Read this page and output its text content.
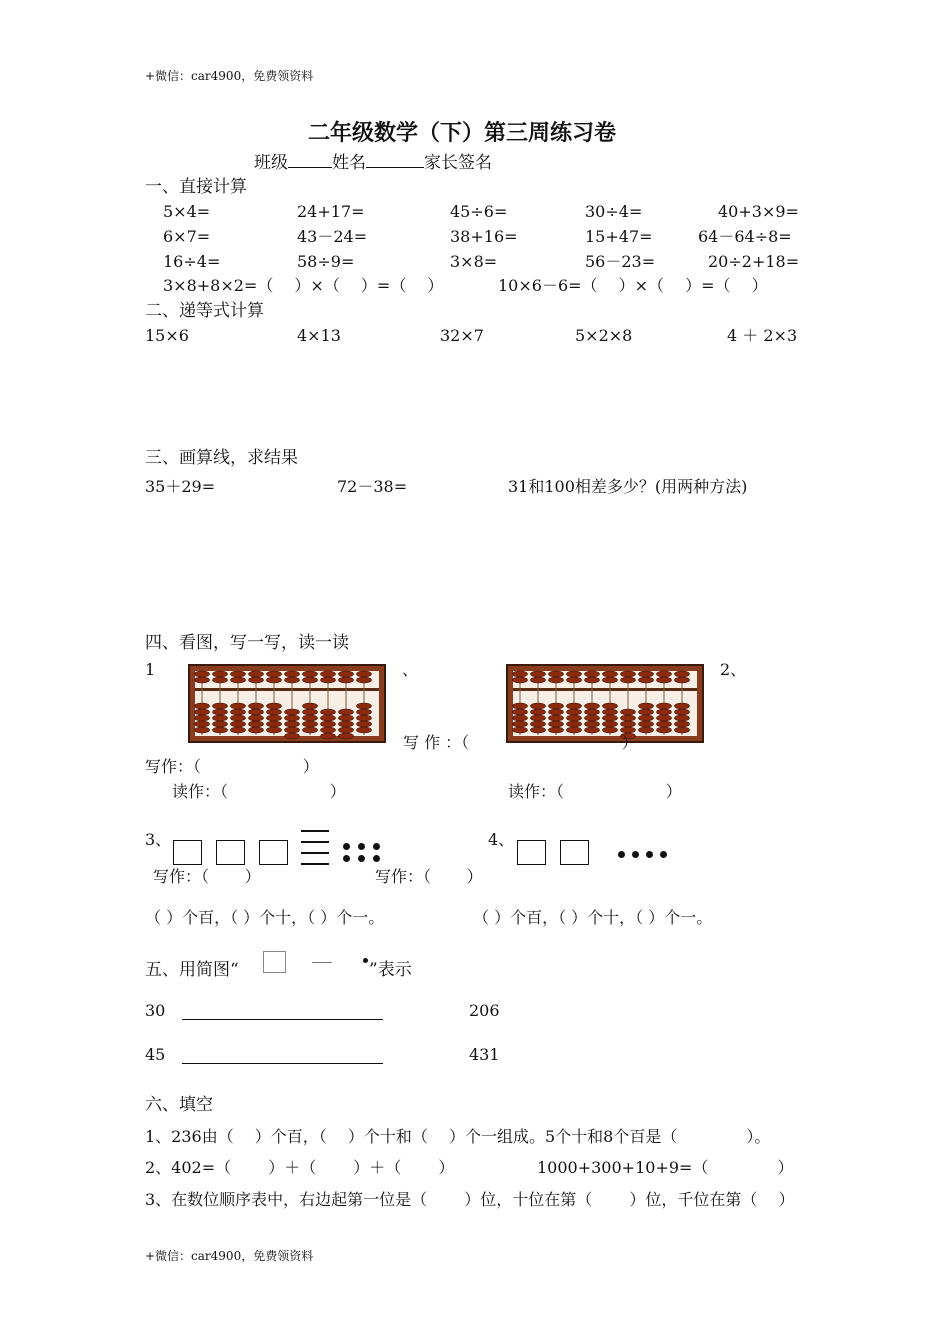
+微信：car4900，免费领资料
+微信：car4900，免费领资料
二年级数学（下）第三周练习卷
班级	姓名	家长签名
一、直接计算
5×4=	24+17=	45÷6=	30÷4=	40+3×9=
6×7=	43－24=	38+16=	15+47=	64－64÷8=
16÷4=	58÷9=	3×8=	56－23=	20÷2+18=
3×8+8×2=（　 ）×（　 ）=（　 ）	10×6－6=（　 ）×（　 ）=（　 ）
二、递等式计算
15×6	4×13	32×7	5×2×8	4 ＋ 2×3
三、画算线，求结果
35＋29=	72－38=	31和100相差多少？(用两种方法)
四、看图，写一写，读一读
1	、	2、
写 作 ：（                              ）
写作：（                    ）
读作：（                    ）	读作：（                    ）
3、	4、
写作：（       ）	写作：（       ）
（ ）个百，（ ）个十，（ ）个一。	（ ）个百，（ ）个十，（ ）个一。
五、用简图“	”表示
30	206
45	431
六、填空
1、236由（　 ）个百，（　 ）个十和（　 ）个一组成。5个十和8个百是（　　　　 ）。
2、402=（　　 ）＋（　　 ）＋（　　 ）	1000+300+10+9=（　　　　 ）
3、在数位顺序表中，右边起第一位是（　　 ）位，十位在第（　　 ）位，千位在第（　 ）
